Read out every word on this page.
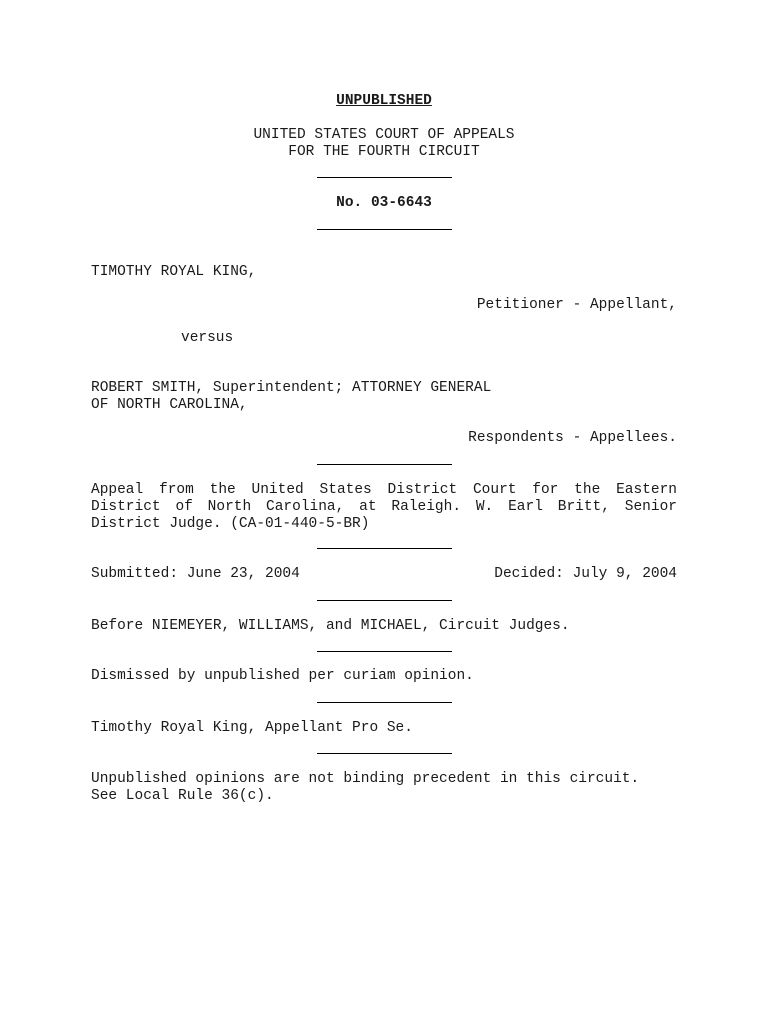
UNPUBLISHED
UNITED STATES COURT OF APPEALS
FOR THE FOURTH CIRCUIT
No. 03-6643
TIMOTHY ROYAL KING,
Petitioner - Appellant,
versus
ROBERT SMITH, Superintendent; ATTORNEY GENERAL
OF NORTH CAROLINA,
Respondents - Appellees.
Appeal from the United States District Court for the Eastern District of North Carolina, at Raleigh. W. Earl Britt, Senior District Judge. (CA-01-440-5-BR)
Submitted: June 23, 2004	Decided: July 9, 2004
Before NIEMEYER, WILLIAMS, and MICHAEL, Circuit Judges.
Dismissed by unpublished per curiam opinion.
Timothy Royal King, Appellant Pro Se.
Unpublished opinions are not binding precedent in this circuit.
See Local Rule 36(c).
